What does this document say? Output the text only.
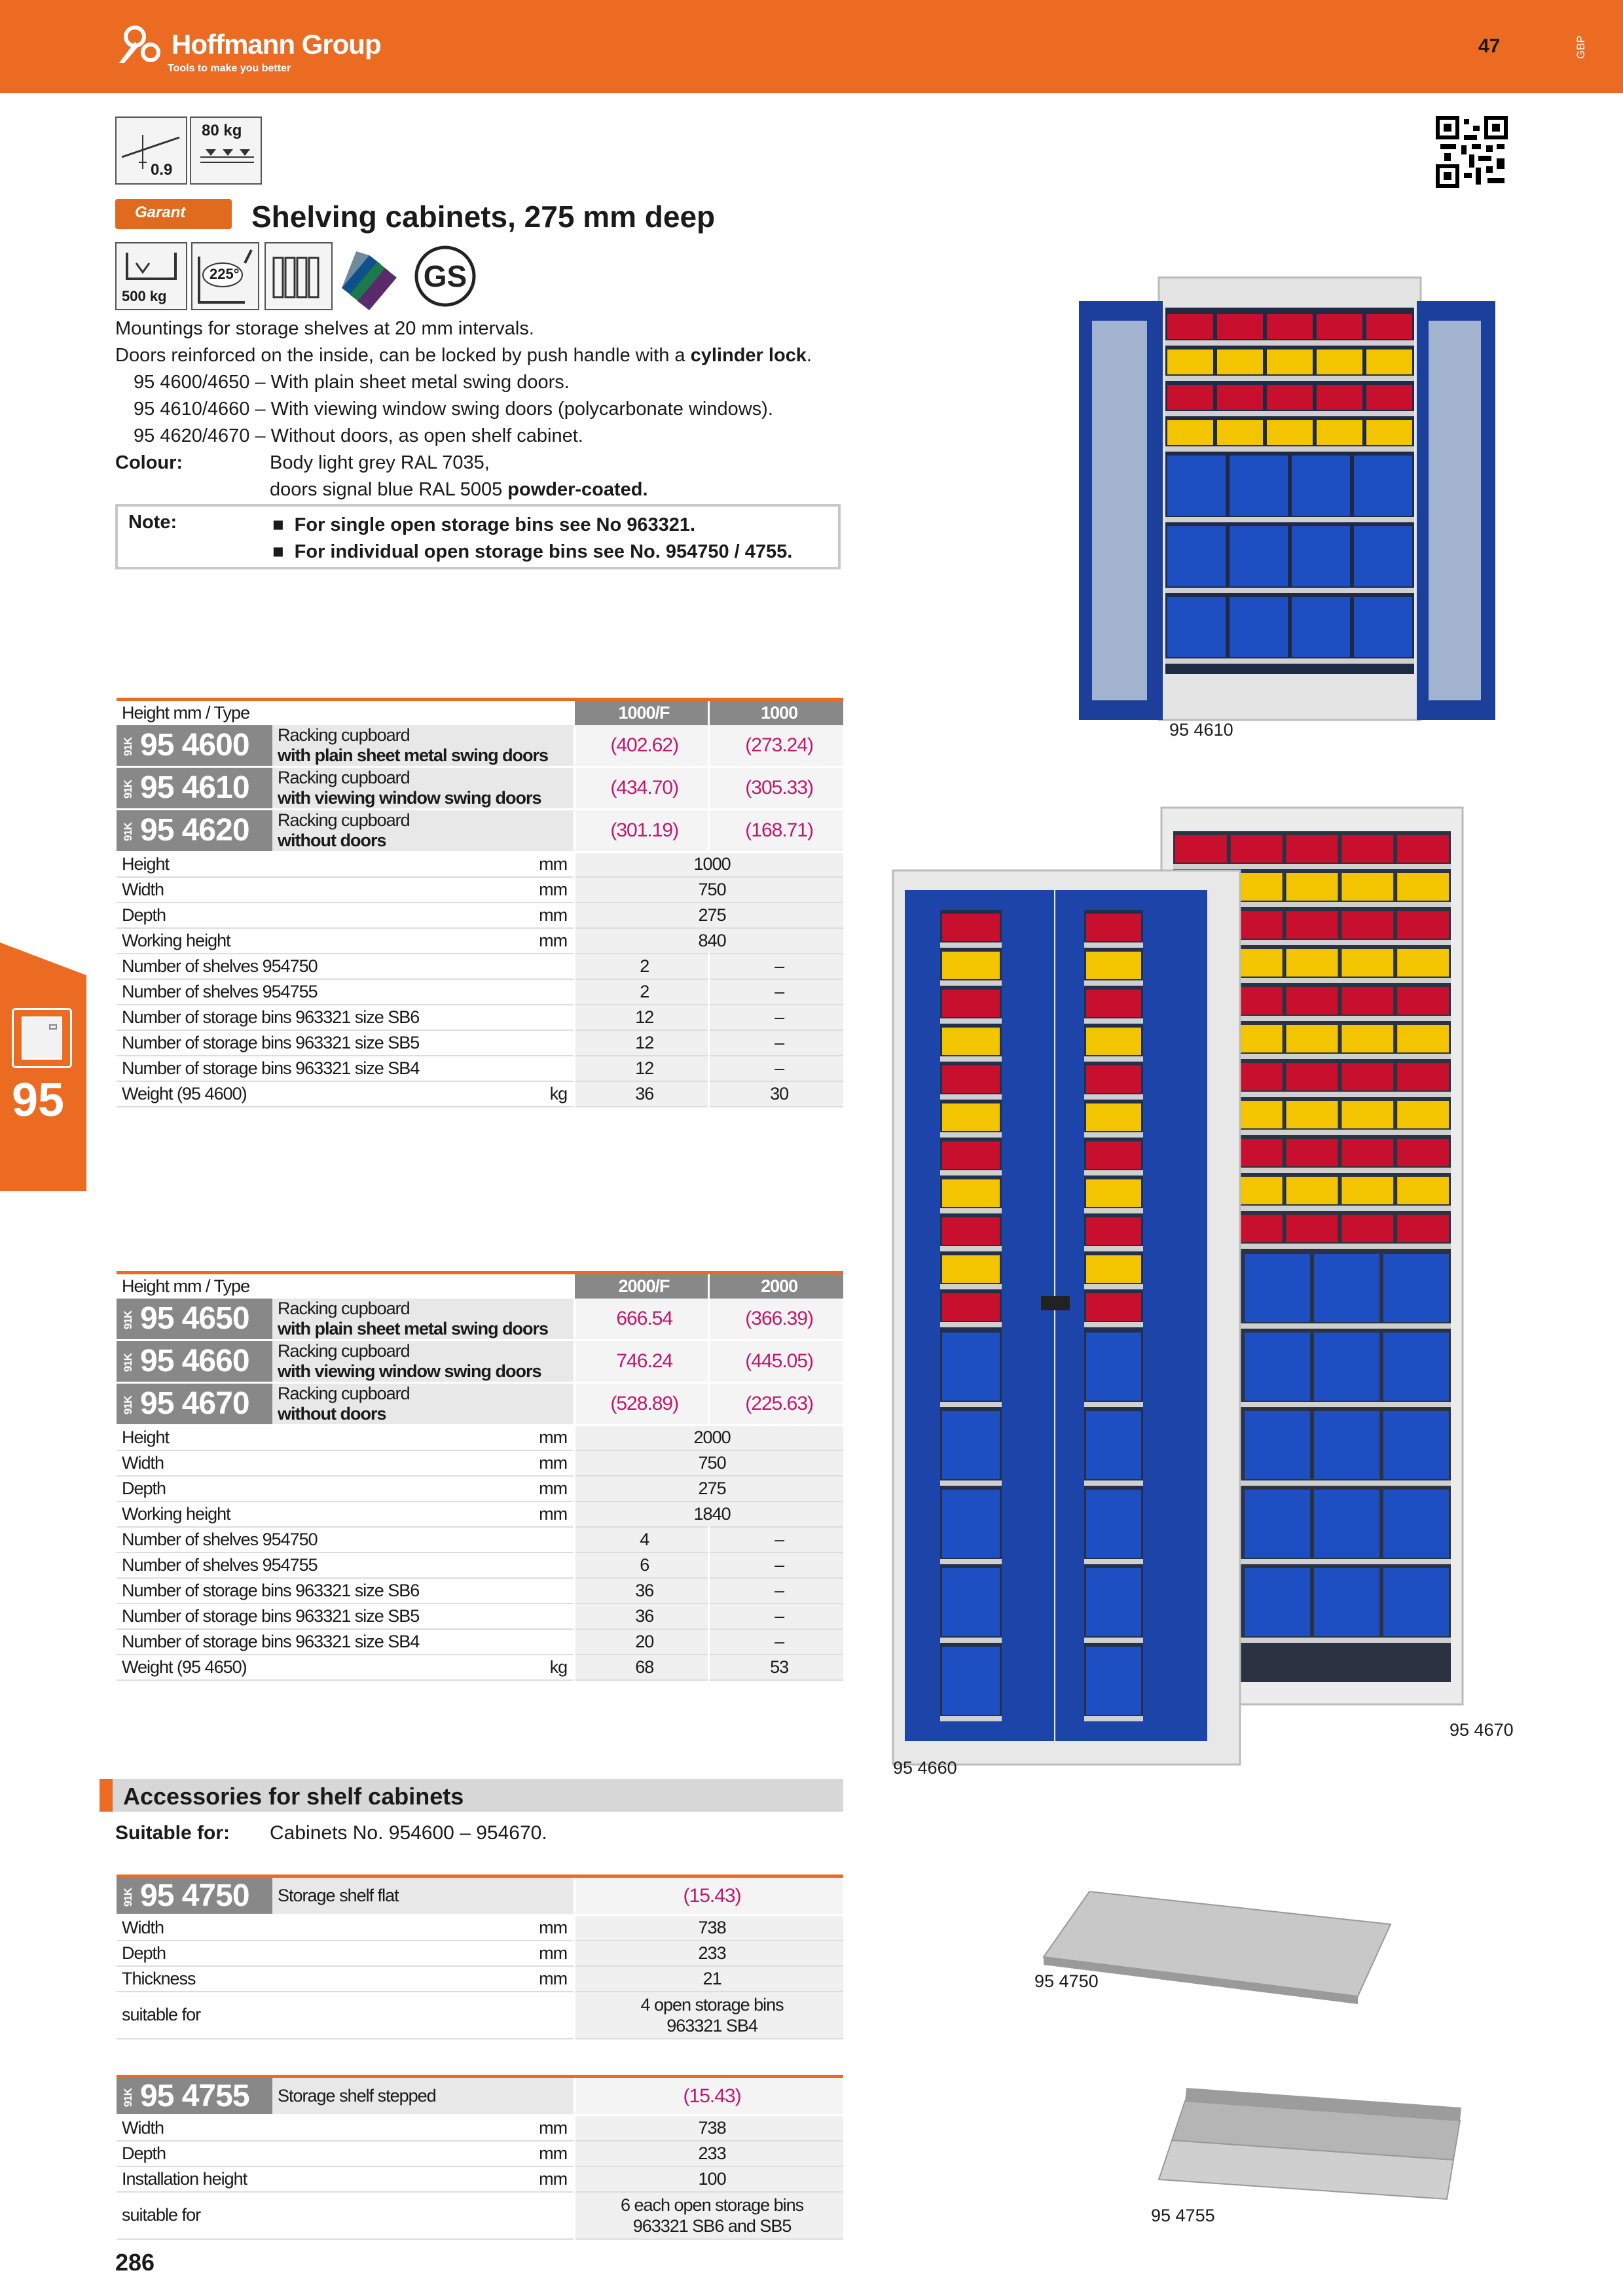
Hoffmann Group
Tools to make you better
47	GBP
95
0.9
80 kg
Garant	Shelving cabinets, 275 mm deep
500 kg
225°	GS
Mountings for storage shelves at 20 mm intervals.
Doors reinforced on the inside, can be locked by push handle with a cylinder lock.
95 4600/4650 – With plain sheet metal swing doors.
95 4610/4660 – With viewing window swing doors (polycarbonate windows).
95 4620/4670 – Without doors, as open shelf cabinet.
Colour:	Body light grey RAL 7035,
doors signal blue RAL 5005 powder-coated.
Note:	■  For single open storage bins see No 963321.
■  For individual open storage bins see No. 954750 / 4755.
Height mm / Type		1000/F	1000
91K 95 4600	Racking cupboard
with plain sheet metal swing doors	(402.62)	(273.24)
91K 95 4610	Racking cupboard
with viewing window swing doors	(434.70)	(305.33)
91K 95 4620	Racking cupboard
without doors	(301.19)	(168.71)
Height	mm	1000	
Width	mm	750	
Depth	mm	275	
Working height	mm	840	
Number of shelves 954750		2	–
Number of shelves 954755		2	–
Number of storage bins 963321 size SB6		12	–
Number of storage bins 963321 size SB5		12	–
Number of storage bins 963321 size SB4		12	–
Weight (95 4600)	kg	36	30
Height mm / Type		2000/F	2000
91K 95 4650	Racking cupboard
with plain sheet metal swing doors	666.54	(366.39)
91K 95 4660	Racking cupboard
with viewing window swing doors	746.24	(445.05)
91K 95 4670	Racking cupboard
without doors	(528.89)	(225.63)
Height	mm	2000	
Width	mm	750	
Depth	mm	275	
Working height	mm	1840	
Number of shelves 954750		4	–
Number of shelves 954755		6	–
Number of storage bins 963321 size SB6		36	–
Number of storage bins 963321 size SB5		36	–
Number of storage bins 963321 size SB4		20	–
Weight (95 4650)	kg	68	53
Accessories for shelf cabinets
Suitable for: Cabinets No. 954600 – 954670.
91K 95 4750	Storage shelf flat	(15.43)
Width	mm	738
Depth	mm	233
Thickness	mm	21
suitable for		4 open storage bins
963321 SB4
91K 95 4755	Storage shelf stepped	(15.43)
Width	mm	738
Depth	mm	233
Installation height	mm	100
suitable for		6 each open storage bins
963321 SB6 and SB5
286
95 4610
95 4670
95 4660
95 4750
95 4755
